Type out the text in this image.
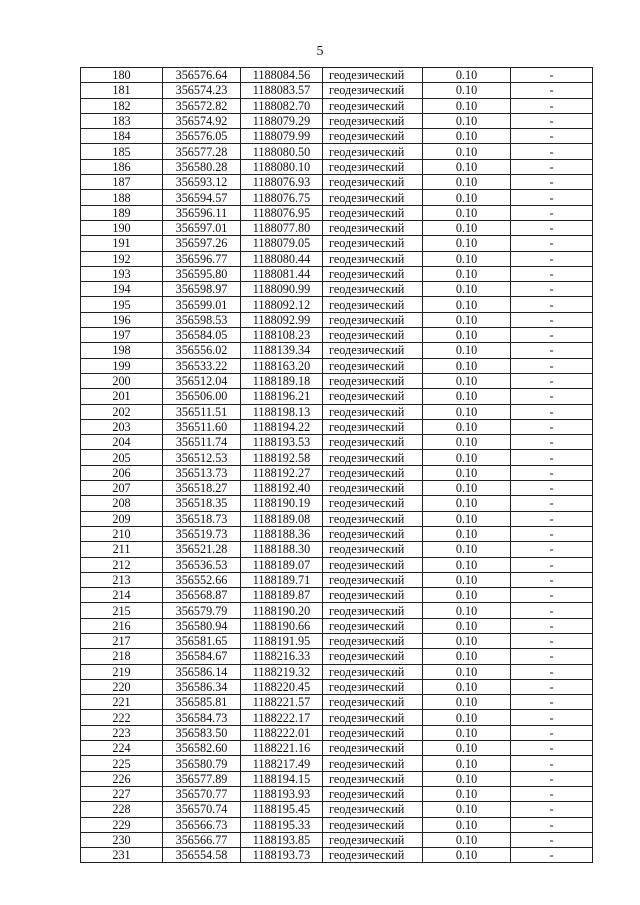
5
180	356576.64	1188084.56	геодезический	0.10	-
181	356574.23	1188083.57	геодезический	0.10	-
182	356572.82	1188082.70	геодезический	0.10	-
183	356574.92	1188079.29	геодезический	0.10	-
184	356576.05	1188079.99	геодезический	0.10	-
185	356577.28	1188080.50	геодезический	0.10	-
186	356580.28	1188080.10	геодезический	0.10	-
187	356593.12	1188076.93	геодезический	0.10	-
188	356594.57	1188076.75	геодезический	0.10	-
189	356596.11	1188076.95	геодезический	0.10	-
190	356597.01	1188077.80	геодезический	0.10	-
191	356597.26	1188079.05	геодезический	0.10	-
192	356596.77	1188080.44	геодезический	0.10	-
193	356595.80	1188081.44	геодезический	0.10	-
194	356598.97	1188090.99	геодезический	0.10	-
195	356599.01	1188092.12	геодезический	0.10	-
196	356598.53	1188092.99	геодезический	0.10	-
197	356584.05	1188108.23	геодезический	0.10	-
198	356556.02	1188139.34	геодезический	0.10	-
199	356533.22	1188163.20	геодезический	0.10	-
200	356512.04	1188189.18	геодезический	0.10	-
201	356506.00	1188196.21	геодезический	0.10	-
202	356511.51	1188198.13	геодезический	0.10	-
203	356511.60	1188194.22	геодезический	0.10	-
204	356511.74	1188193.53	геодезический	0.10	-
205	356512.53	1188192.58	геодезический	0.10	-
206	356513.73	1188192.27	геодезический	0.10	-
207	356518.27	1188192.40	геодезический	0.10	-
208	356518.35	1188190.19	геодезический	0.10	-
209	356518.73	1188189.08	геодезический	0.10	-
210	356519.73	1188188.36	геодезический	0.10	-
211	356521.28	1188188.30	геодезический	0.10	-
212	356536.53	1188189.07	геодезический	0.10	-
213	356552.66	1188189.71	геодезический	0.10	-
214	356568.87	1188189.87	геодезический	0.10	-
215	356579.79	1188190.20	геодезический	0.10	-
216	356580.94	1188190.66	геодезический	0.10	-
217	356581.65	1188191.95	геодезический	0.10	-
218	356584.67	1188216.33	геодезический	0.10	-
219	356586.14	1188219.32	геодезический	0.10	-
220	356586.34	1188220.45	геодезический	0.10	-
221	356585.81	1188221.57	геодезический	0.10	-
222	356584.73	1188222.17	геодезический	0.10	-
223	356583.50	1188222.01	геодезический	0.10	-
224	356582.60	1188221.16	геодезический	0.10	-
225	356580.79	1188217.49	геодезический	0.10	-
226	356577.89	1188194.15	геодезический	0.10	-
227	356570.77	1188193.93	геодезический	0.10	-
228	356570.74	1188195.45	геодезический	0.10	-
229	356566.73	1188195.33	геодезический	0.10	-
230	356566.77	1188193.85	геодезический	0.10	-
231	356554.58	1188193.73	геодезический	0.10	-
